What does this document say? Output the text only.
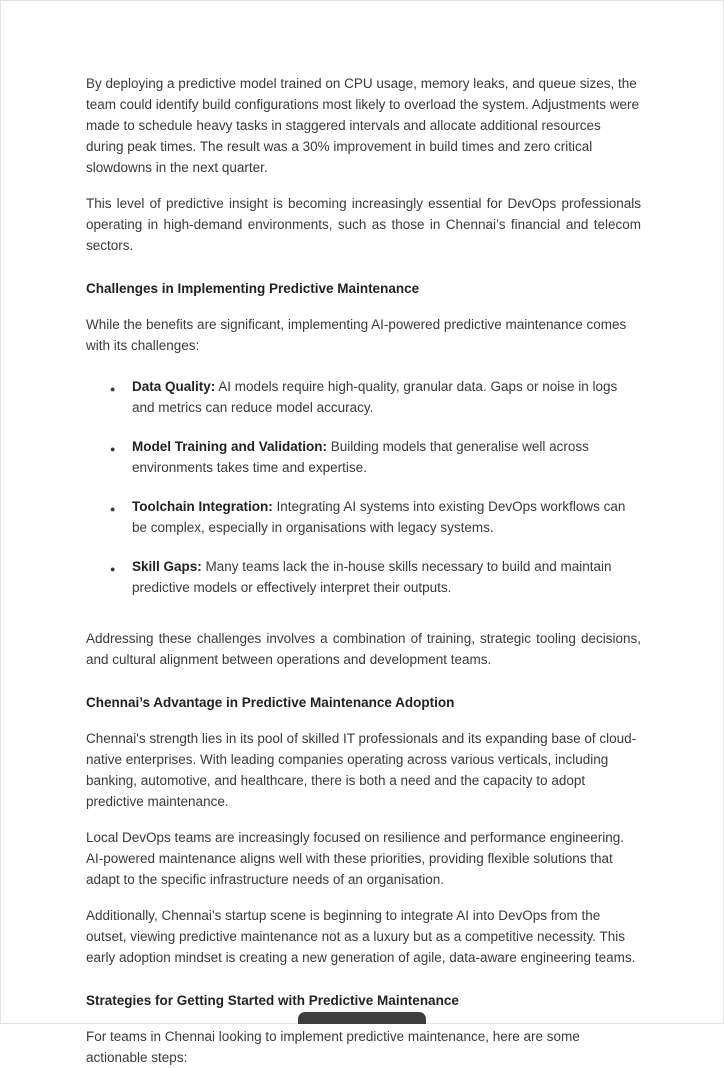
By deploying a predictive model trained on CPU usage, memory leaks, and queue sizes, the team could identify build configurations most likely to overload the system. Adjustments were made to schedule heavy tasks in staggered intervals and allocate additional resources during peak times. The result was a 30% improvement in build times and zero critical slowdowns in the next quarter.

This level of predictive insight is becoming increasingly essential for DevOps professionals operating in high-demand environments, such as those in Chennai’s financial and telecom sectors.

Challenges in Implementing Predictive Maintenance

While the benefits are significant, implementing AI-powered predictive maintenance comes with its challenges:

● Data Quality: AI models require high-quality, granular data. Gaps or noise in logs and metrics can reduce model accuracy.
● Model Training and Validation: Building models that generalise well across environments takes time and expertise.
● Toolchain Integration: Integrating AI systems into existing DevOps workflows can be complex, especially in organisations with legacy systems.
● Skill Gaps: Many teams lack the in-house skills necessary to build and maintain predictive models or effectively interpret their outputs.

Addressing these challenges involves a combination of training, strategic tooling decisions, and cultural alignment between operations and development teams.

Chennai’s Advantage in Predictive Maintenance Adoption

Chennai's strength lies in its pool of skilled IT professionals and its expanding base of cloud-native enterprises. With leading companies operating across various verticals, including banking, automotive, and healthcare, there is both a need and the capacity to adopt predictive maintenance.

Local DevOps teams are increasingly focused on resilience and performance engineering. AI-powered maintenance aligns well with these priorities, providing flexible solutions that adapt to the specific infrastructure needs of an organisation.

Additionally, Chennai’s startup scene is beginning to integrate AI into DevOps from the outset, viewing predictive maintenance not as a luxury but as a competitive necessity. This early adoption mindset is creating a new generation of agile, data-aware engineering teams.

Strategies for Getting Started with Predictive Maintenance

For teams in Chennai looking to implement predictive maintenance, here are some actionable steps:
